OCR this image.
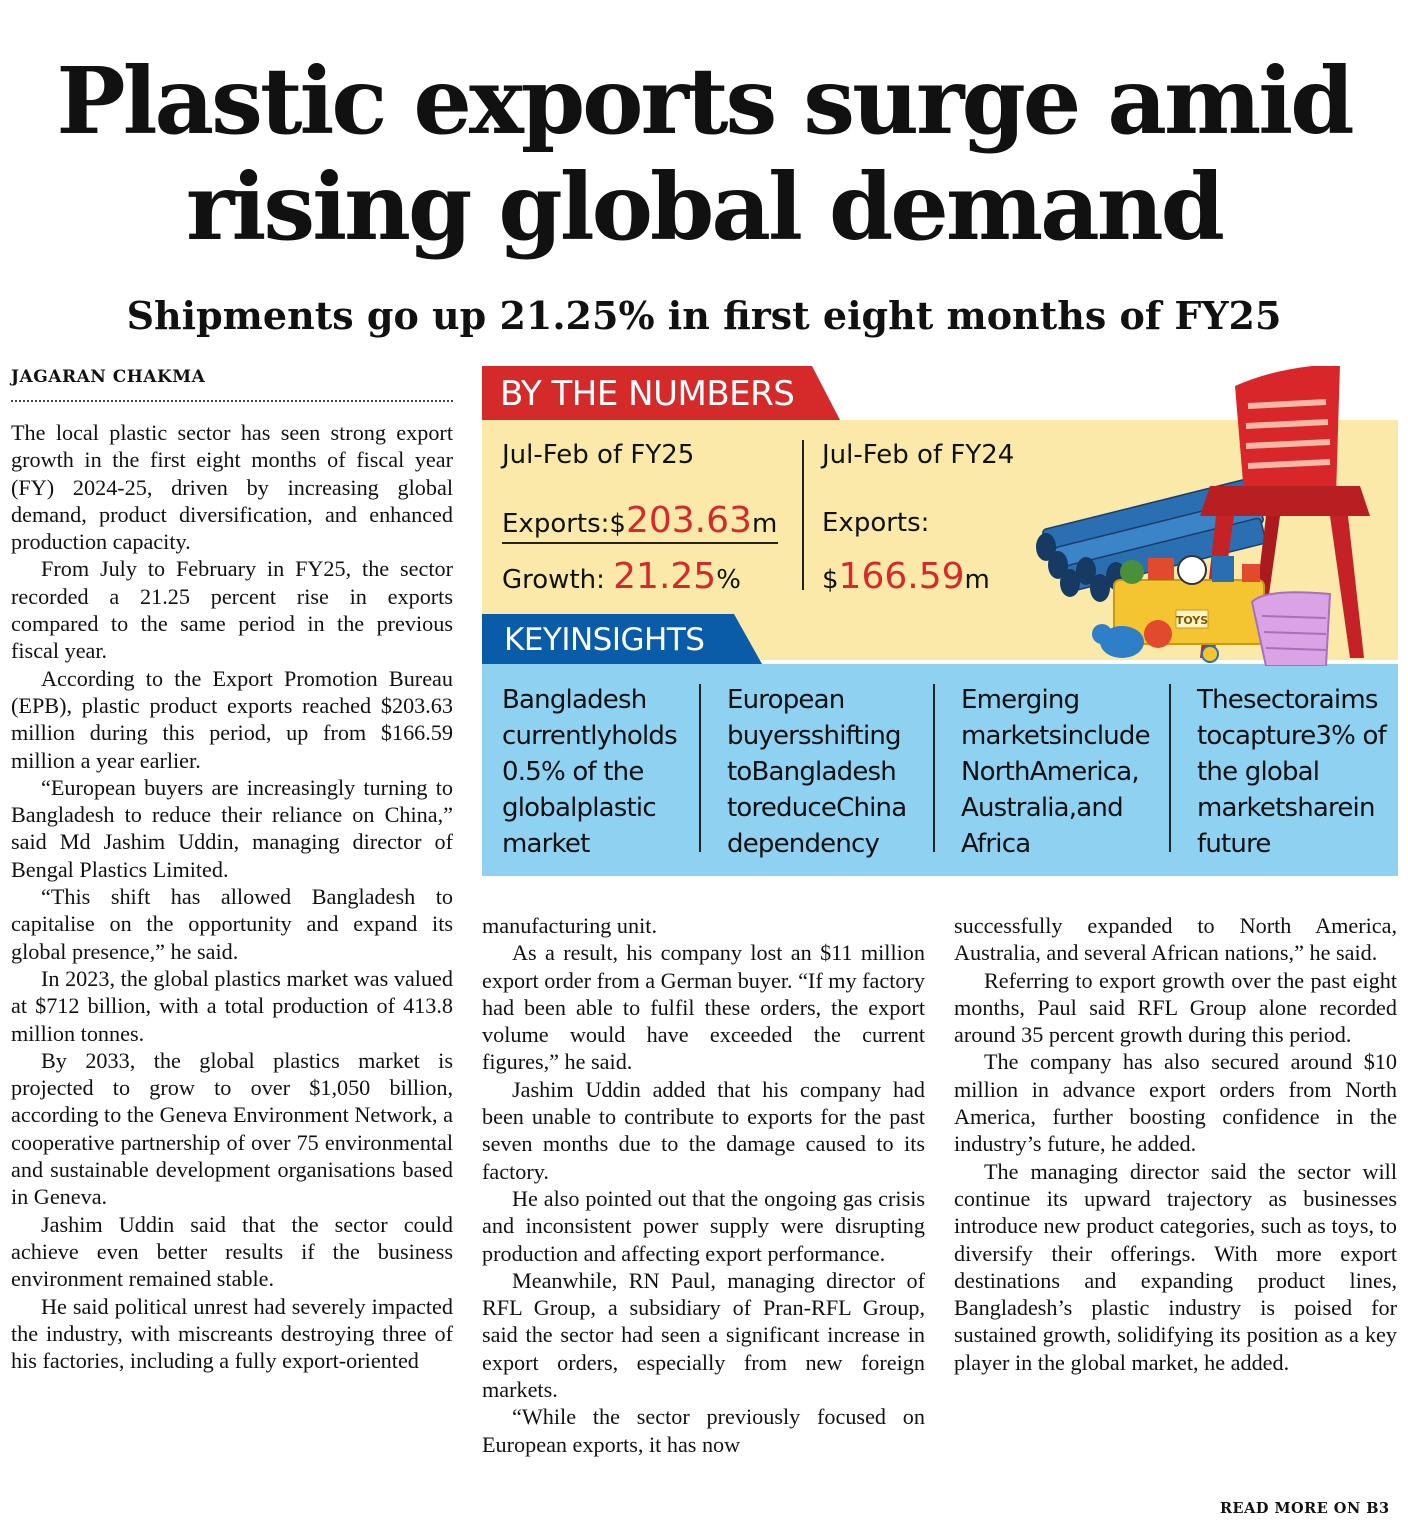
Plastic exports surge amid rising global demand
Shipments go up 21.25% in first eight months of FY25
JAGARAN CHAKMA

The local plastic sector has seen strong export growth in the first eight months of fiscal year (FY) 2024-25, driven by increasing global demand, product diversification, and enhanced production capacity.

From July to February in FY25, the sector recorded a 21.25 percent rise in exports compared to the same period in the previous fiscal year.

According to the Export Promotion Bureau (EPB), plastic product exports reached $203.63 million during this period, up from $166.59 million a year earlier.

“European buyers are increasingly turning to Bangladesh to reduce their reliance on China,” said Md Jashim Uddin, managing director of Bengal Plastics Limited.

“This shift has allowed Bangladesh to capitalise on the opportunity and expand its global presence,” he said.

In 2023, the global plastics market was valued at $712 billion, with a total production of 413.8 million tonnes.

By 2033, the global plastics market is projected to grow to over $1,050 billion, according to the Geneva Environment Network, a cooperative partnership of over 75 environmental and sustainable development organisations based in Geneva.

Jashim Uddin said that the sector could achieve even better results if the business environment remained stable.

He said political unrest had severely impacted the industry, with miscreants destroying three of his factories, including a fully export-oriented

manufacturing unit.

As a result, his company lost an $11 million export order from a German buyer. “If my factory had been able to fulfil these orders, the export volume would have exceeded the current figures,” he said.

Jashim Uddin added that his company had been unable to contribute to exports for the past seven months due to the damage caused to its factory.

He also pointed out that the ongoing gas crisis and inconsistent power supply were disrupting production and affecting export performance.

Meanwhile, RN Paul, managing director of RFL Group, a subsidiary of Pran-RFL Group, said the sector had seen a significant increase in export orders, especially from new foreign markets.

“While the sector previously focused on European exports, it has now

successfully expanded to North America, Australia, and several African nations,” he said.

Referring to export growth over the past eight months, Paul said RFL Group alone recorded around 35 percent growth during this period.

The company has also secured around $10 million in advance export orders from North America, further boosting confidence in the industry’s future, he added.

The managing director said the sector will continue its upward trajectory as businesses introduce new product categories, such as toys, to diversify their offerings. With more export destinations and expanding product lines, Bangladesh’s plastic industry is poised for sustained growth, solidifying its position as a key player in the global market, he added.

READ MORE ON B3
BY THE NUMBERS
Jul-Feb of FY25	Jul-Feb of FY24
Exports:$203.63m
Growth: 21.25%
Exports:
$166.59m
KEYINSIGHTS
Bangladesh currentlyholds 0.5% of the globalplastic market
European buyersshifting toBangladesh toreduceChina dependency
Emerging marketsinclude NorthAmerica, Australia,and Africa
Thesectoraims tocapture3% of the global marketsharein future
TOYS
